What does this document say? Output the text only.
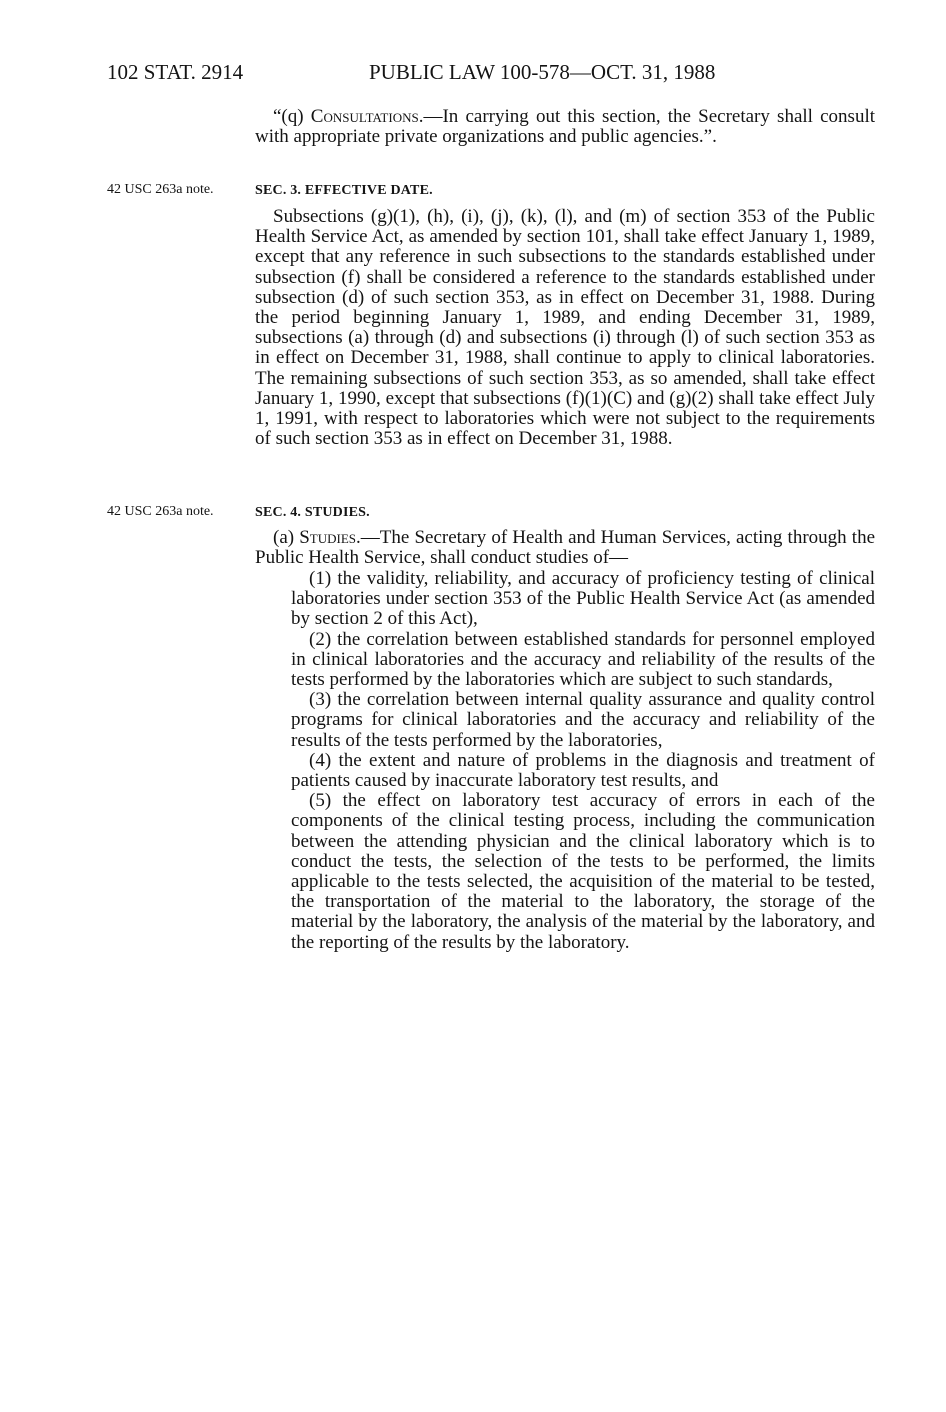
102 STAT. 2914	PUBLIC LAW 100-578—OCT. 31, 1988

“(q) Consultations.—In carrying out this section, the Secretary shall consult with appropriate private organizations and public agencies.”.

42 USC 263a note.	SEC. 3. EFFECTIVE DATE.

Subsections (g)(1), (h), (i), (j), (k), (l), and (m) of section 353 of the Public Health Service Act, as amended by section 101, shall take effect January 1, 1989, except that any reference in such subsections to the standards established under subsection (f) shall be considered a reference to the standards established under subsection (d) of such section 353, as in effect on December 31, 1988. During the period beginning January 1, 1989, and ending December 31, 1989, subsections (a) through (d) and subsections (i) through (l) of such section 353 as in effect on December 31, 1988, shall continue to apply to clinical laboratories. The remaining subsections of such section 353, as so amended, shall take effect January 1, 1990, except that subsections (f)(1)(C) and (g)(2) shall take effect July 1, 1991, with respect to laboratories which were not subject to the requirements of such section 353 as in effect on December 31, 1988.

42 USC 263a note.	SEC. 4. STUDIES.

(a) Studies.—The Secretary of Health and Human Services, acting through the Public Health Service, shall conduct studies of—

(1) the validity, reliability, and accuracy of proficiency testing of clinical laboratories under section 353 of the Public Health Service Act (as amended by section 2 of this Act),

(2) the correlation between established standards for personnel employed in clinical laboratories and the accuracy and reliability of the results of the tests performed by the laboratories which are subject to such standards,

(3) the correlation between internal quality assurance and quality control programs for clinical laboratories and the accuracy and reliability of the results of the tests performed by the laboratories,

(4) the extent and nature of problems in the diagnosis and treatment of patients caused by inaccurate laboratory test results, and

(5) the effect on laboratory test accuracy of errors in each of the components of the clinical testing process, including the communication between the attending physician and the clinical laboratory which is to conduct the tests, the selection of the tests to be performed, the limits applicable to the tests selected, the acquisition of the material to be tested, the transportation of the material to the laboratory, the storage of the material by the laboratory, the analysis of the material by the laboratory, and the reporting of the results by the laboratory.
